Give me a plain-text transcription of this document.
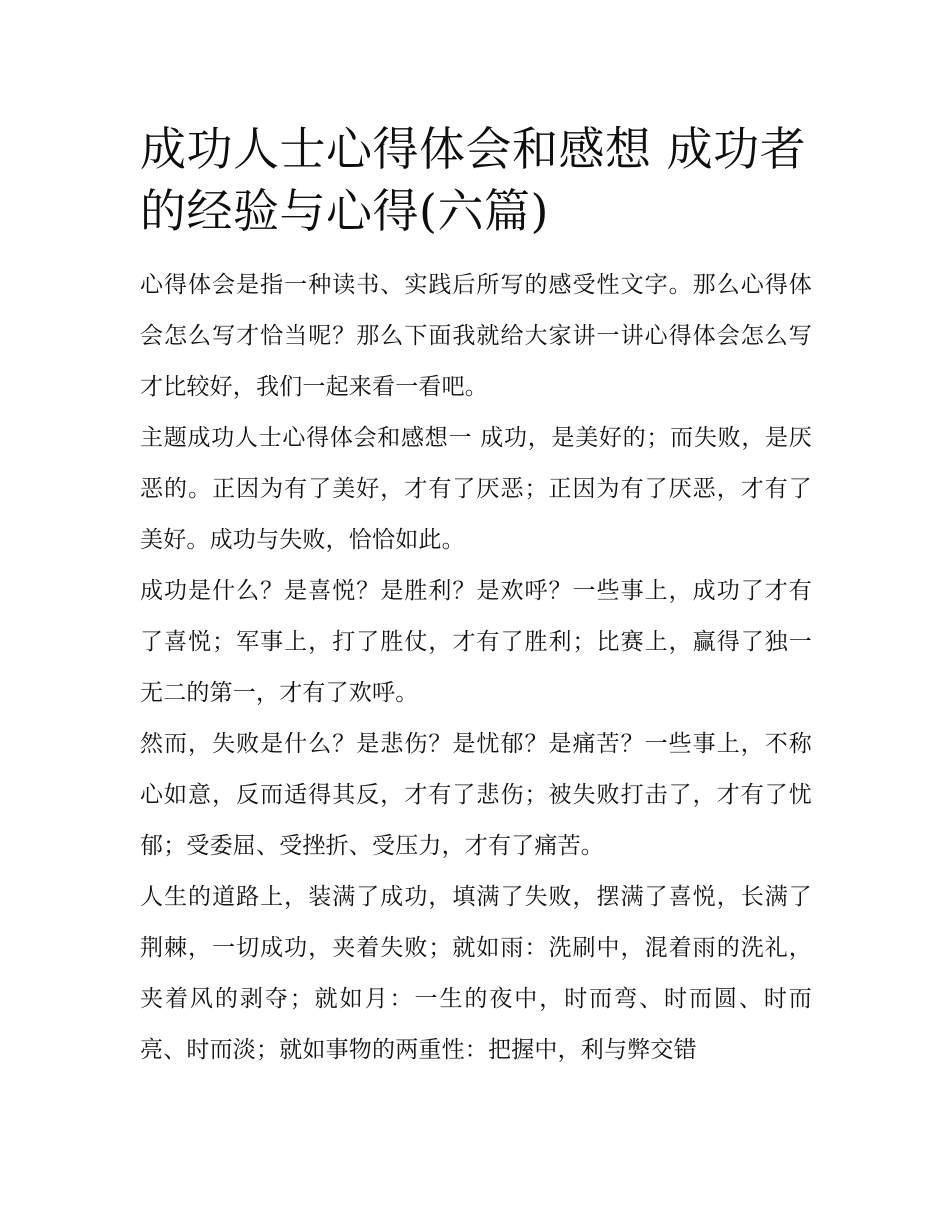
成功人士心得体会和感想 成功者的经验与心得(六篇)

心得体会是指一种读书、实践后所写的感受性文字。那么心得体会怎么写才恰当呢？那么下面我就给大家讲一讲心得体会怎么写才比较好，我们一起来看一看吧。

主题成功人士心得体会和感想一 成功，是美好的；而失败，是厌恶的。正因为有了美好，才有了厌恶；正因为有了厌恶，才有了美好。成功与失败，恰恰如此。

成功是什么？是喜悦？是胜利？是欢呼？一些事上，成功了才有了喜悦；军事上，打了胜仗，才有了胜利；比赛上，赢得了独一无二的第一，才有了欢呼。

然而，失败是什么？是悲伤？是忧郁？是痛苦？一些事上，不称心如意，反而适得其反，才有了悲伤；被失败打击了，才有了忧郁；受委屈、受挫折、受压力，才有了痛苦。

人生的道路上，装满了成功，填满了失败，摆满了喜悦，长满了荆棘，一切成功，夹着失败；就如雨：洗刷中，混着雨的洗礼，夹着风的剥夺；就如月：一生的夜中，时而弯、时而圆、时而亮、时而淡；就如事物的两重性：把握中，利与弊交错
